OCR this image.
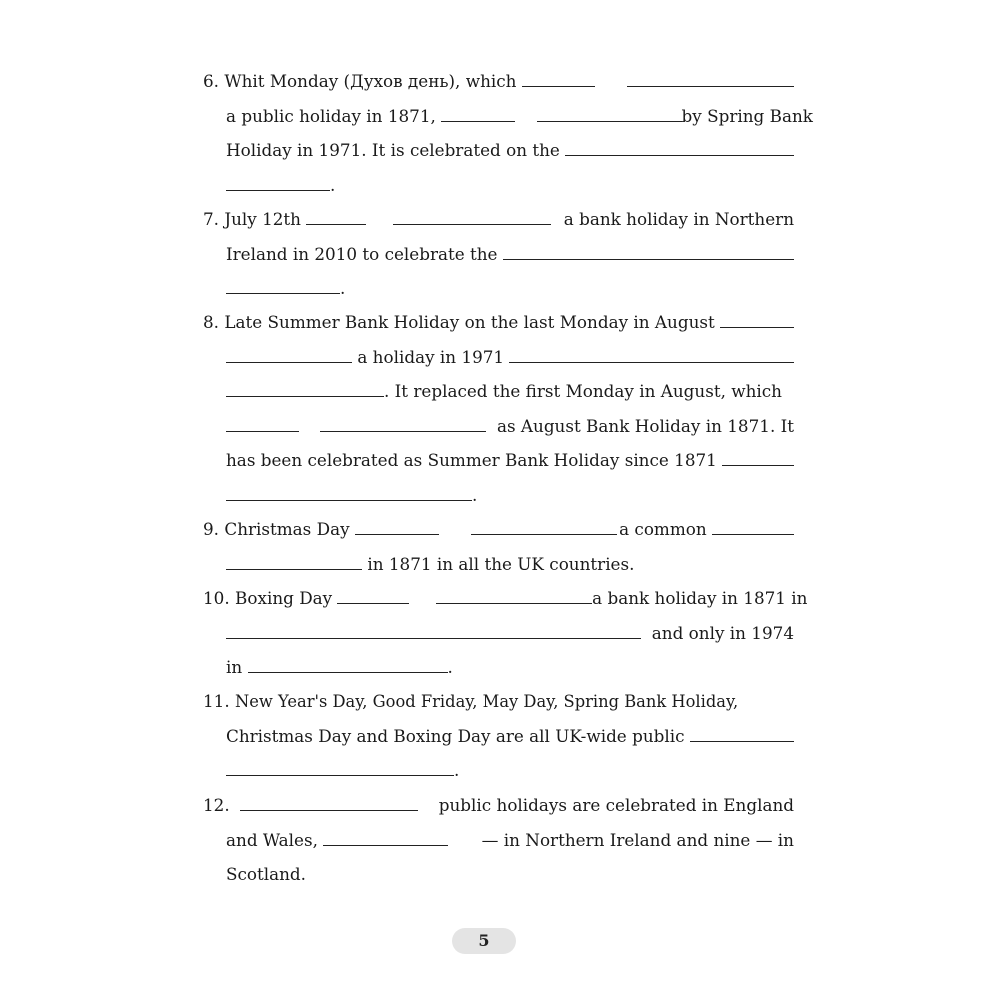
6.
Whit Monday (Духов день), which

a public holiday in 1871,

	by Spring Bank
Holiday in 1971. It is celebrated on the

.
7.
July 12th

	a bank holiday in Northern
Ireland in 2010 to celebrate the

.
8.
Late Summer Bank Holiday on the last Monday in August

a holiday in 1971

. It replaced the first Monday in August, which

as August Bank Holiday in 1871. It
has been celebrated as Summer Bank Holiday since 1871

.
9.
Christmas Day

	a common

in 1871 in all the UK countries.
10.
Boxing Day

	a bank holiday in 1871 in

and only in 1974
in
	.
11.
New Year's Day, Good Friday, May Day, Spring Bank Holiday,
Christmas Day and Boxing Day are all UK-wide public

.
12.
	public holidays are celebrated in England
and Wales,
	— in Northern Ireland and nine — in
Scotland.
5
